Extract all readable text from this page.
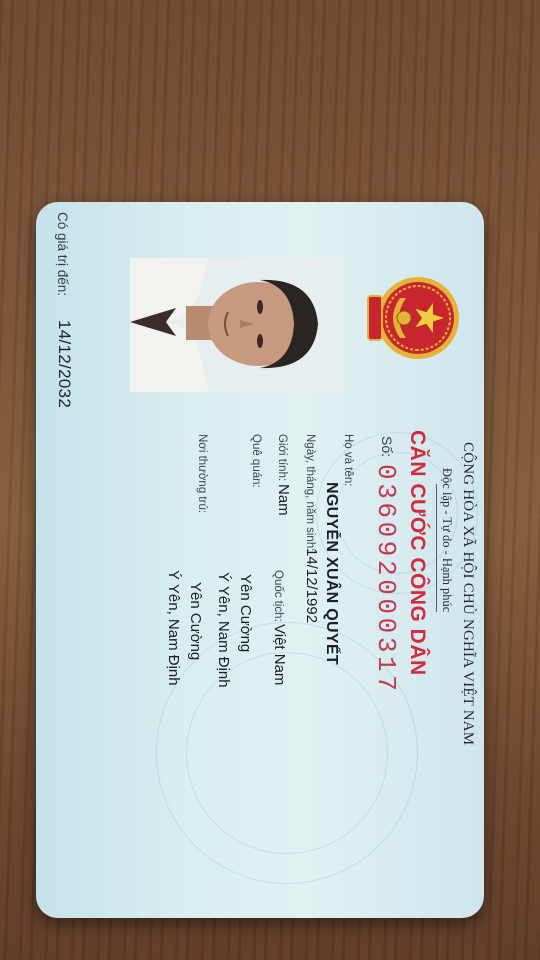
CỘNG HÒA XÃ HỘI CHỦ NGHĨA VIỆT NAM
Độc lập - Tự do - Hạnh phúc
CĂN CƯỚC CÔNG DÂN
Số:
036092000317
Họ và tên:
NGUYỄN XUÂN QUYẾT
Ngày, tháng, năm sinh:
14/12/1992
Giới tính:
Nam
Quốc tịch:
Việt Nam
Quê quán:
Yên Cường
Ý Yên, Nam Định
Nơi thường trú:
Yên Cường
Ý Yên, Nam Định
Có giá trị đến:
14/12/2032
